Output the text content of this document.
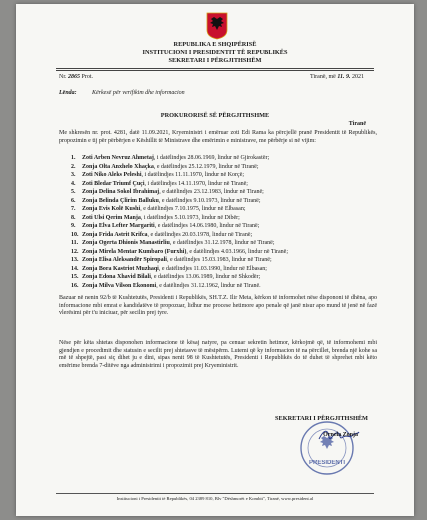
REPUBLIKA E SHQIPËRISË
INSTITUCIONI I PRESIDENTIT TË REPUBLIKËS
SEKRETARI I PËRGJITHSHËM
Nr. 2865 Prot.	Tiranë, më 11. 9. 2021
Lënda:	Kërkesë për verifikim dhe informacion
PROKURORISË SË PËRGJITHSHME
Tiranë
Me shkresën nr. prot. 4281, datë 11.09.2021, Kryeministri i emëruar zoti Edi Rama ka përcjellë pranë Presidentit të Republikës, propozimin e tij për përbërjen e Këshillit të Ministrave dhe emërimin e ministrave, me përbërje si në vijim:
1. Zoti Arben Nevruz Ahmetaj, i datëlindjes 28.06.1969, lindur në Gjirokastër;
2. Zonja Olta Anxhelo Xhaçka, e datëlindjes 25.12.1979, lindur në Tiranë;
3. Zoti Niko Aleks Peleshi, i datëlindjes 11.11.1970, lindur në Korçë;
4. Zoti Bledar Triumf Çuçi, i datëlindjes 14.11.1970, lindur në Tiranë;
5. Zonja Delina Sokol Ibrahimaj, e datëlindjes 23.12.1983, lindur në Tiranë;
6. Zonja Belinda Çlirim Balluku, e datëlindjes 9.10.1973, lindur në Tiranë;
7. Zonja Evis Kolë Kushi, e datëlindjes 7.10.1975, lindur në Elbasan;
8. Zoti Ulsi Qerim Manja, i datëlindjes 5.10.1973, lindur në Dibër;
9. Zonja Elva Lefter Margariti, e datëlindjes 14.06.1980, lindur në Tiranë;
10. Zonja Frida Astrit Krifca, e datëlindjes 20.03.1978, lindur në Tiranë;
11. Zonja Ogerta Dhionis Manastirliu, e datëlindjes 31.12.1978, lindur në Tiranë;
12. Zonja Mirela Mentar Kumbaro (Furxhi), e datëlindjes 4.03.1966, lindur në Tiranë;
13. Zonja Elisa Aleksandër Spiropali, e datëlindjes 15.03.1983, lindur në Tiranë;
14. Zonja Bora Kastriot Muzhaqi, e datëlindjes 11.03.1990, lindur në Elbasan;
15. Zonja Edona Xhavid Bilali, e datëlindjes 13.06.1989, lindur në Shkodër;
16. Zonja Milva Vilson Ekonomi, e datëlindjes 31.12.1962, lindur në Tiranë.
Bazuar në nenin 92/b të Kushtetutës, Presidenti i Republikës, SH.T.Z. Ilir Meta, kërkon të informohet nëse dispononi të dhëna, apo informacione mbi emrat e kandidatëve të propozuar, lidhur me procese hetimore apo penale që janë nisur apo mund të jenë në fazë vlerësimi për t'u iniciuar, për secilin prej tyre.
Nëse për këta shtetas disponohen informacione të kësaj natyre, pa cenuar sekretin hetimor, kërkojmë që, të informohemi mbi gjendjen e procedimit dhe statusin e secilit prej shtetasve të mësipërm. Lutemi që ky informacion të na përcillet, brenda një kohe sa më të shpejtë, pasi siç dihet ju e dini, sipas nenit 98 të Kushtetutës, Presidenti i Republikës do të duhet të shprehet mbi këto emërime brenda 7-ditëve nga administrimi i propozimit prej Kryeministrit.
SEKRETARI I PËRGJITHSHËM
PRESIDENTI
Ornela Zonja
Institucioni i Presidentit të Republikës, 04 2389 810, Blv "Dëshmorët e Kombit", Tiranë, www.president.al
